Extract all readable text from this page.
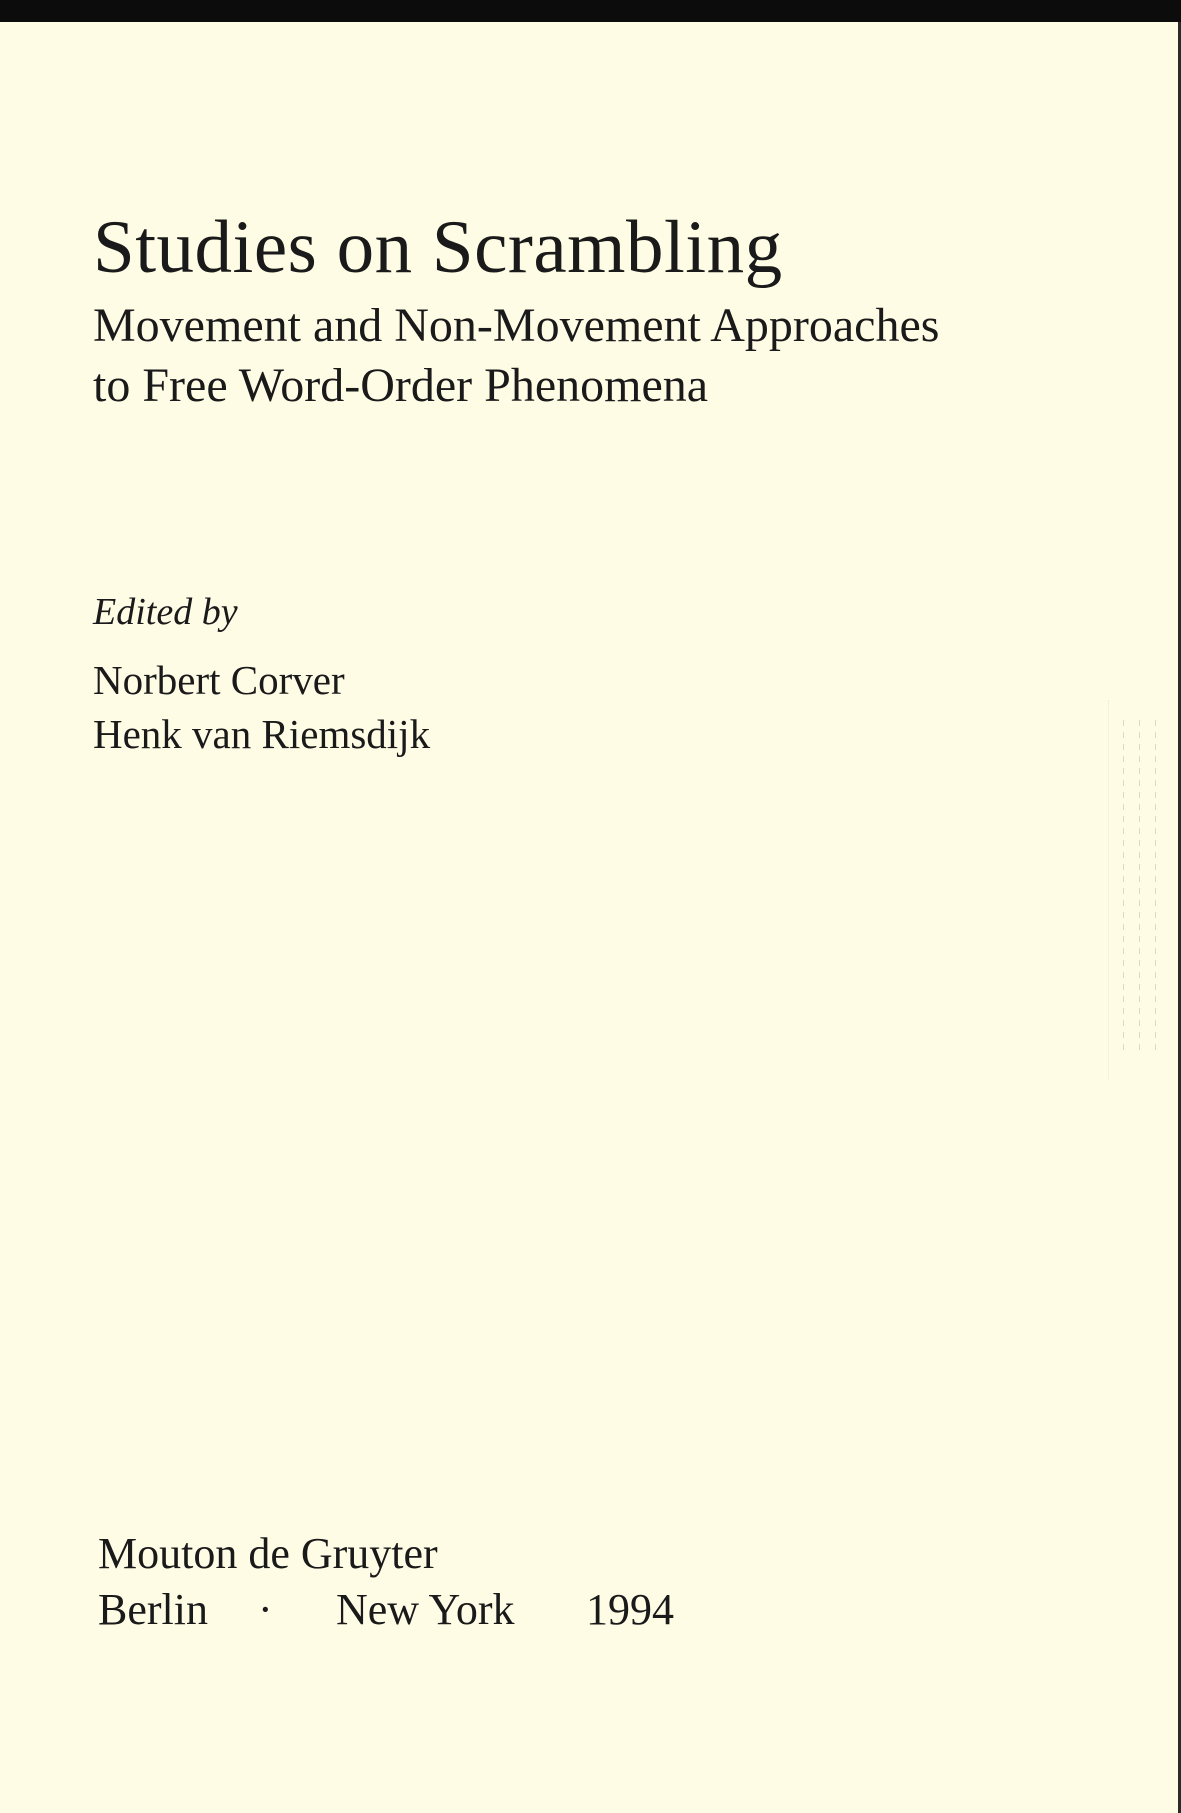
Studies on Scrambling

Movement and Non-Movement Approaches

to Free Word-Order Phenomena

Edited by

Norbert Corver

Henk van Riemsdijk

Mouton de Gruyter

Berlin · New York 1994
